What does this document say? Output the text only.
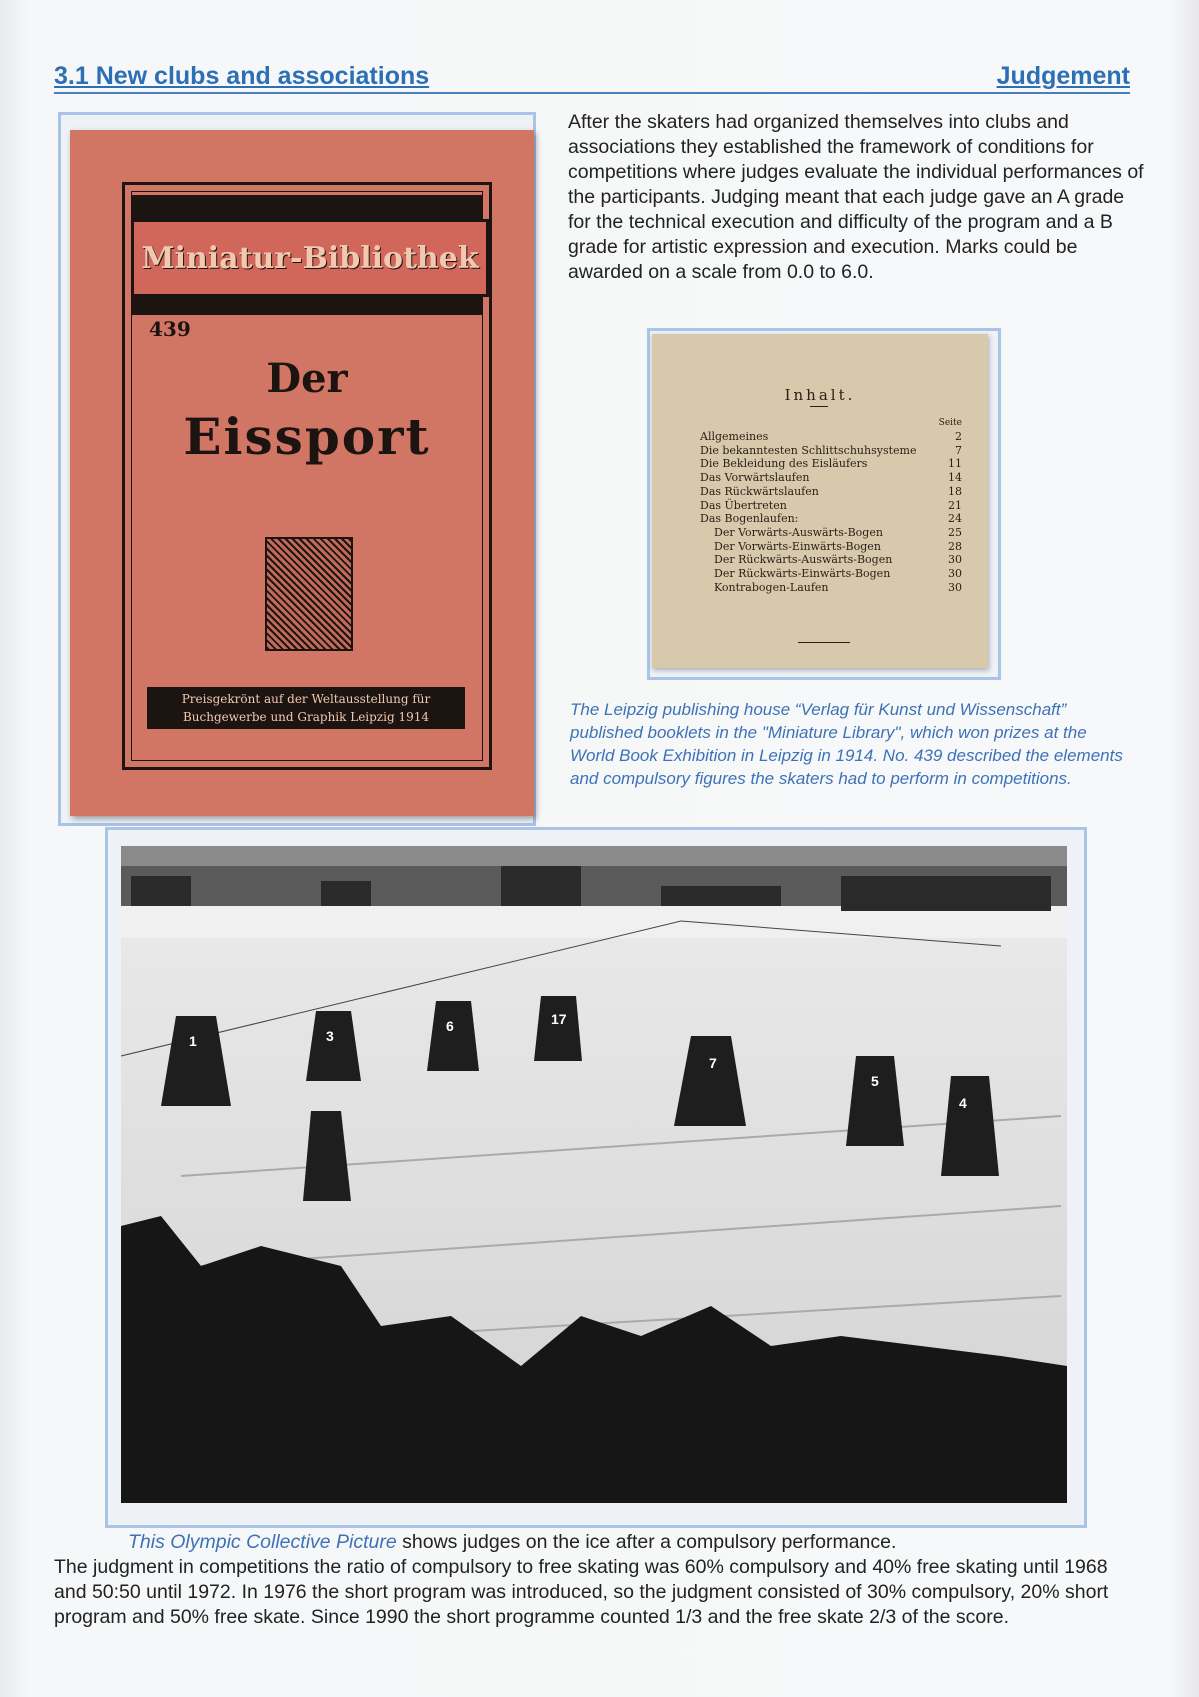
3.1 New clubs and associations	Judgement
Miniatur-Bibliothek
439
Der
Eissport
Preisgekrönt auf der Weltausstellung für
Buchgewerbe und Graphik Leipzig 1914
After the skaters had organized themselves into clubs and associations they established the framework of conditions for competitions where judges evaluate the individual performances of the participants. Judging meant that each judge gave an A grade for the technical execution and difficulty of the program and a B grade for artistic expression and execution. Marks could be awarded on a scale from 0.0 to 6.0.
Inhalt.
Seite
Allgemeines	2
Die bekanntesten Schlittschuhsysteme	7
Die Bekleidung des Eisläufers	11
Das Vorwärtslaufen	14
Das Rückwärtslaufen	18
Das Übertreten	21
Das Bogenlaufen:	24
Der Vorwärts-Auswärts-Bogen	25
Der Vorwärts-Einwärts-Bogen	28
Der Rückwärts-Auswärts-Bogen	30
Der Rückwärts-Einwärts-Bogen	30
Kontrabogen-Laufen	30
The Leipzig publishing house “Verlag für Kunst und Wissenschaft” published booklets in the "Miniature Library", which won prizes at the World Book Exhibition in Leipzig in 1914. No. 439 described the elements and compulsory figures the skaters had to perform in competitions.
1	3
6	17
7
5
4
This Olympic Collective Picture shows judges on the ice after a compulsory performance.
The judgment in competitions the ratio of compulsory to free skating was 60% compulsory and 40% free skating until 1968 and 50:50 until 1972. In 1976 the short program was introduced, so the judgment consisted of 30% compulsory, 20% short program and 50% free skate. Since 1990 the short programme counted 1/3 and the free skate 2/3 of the score.
